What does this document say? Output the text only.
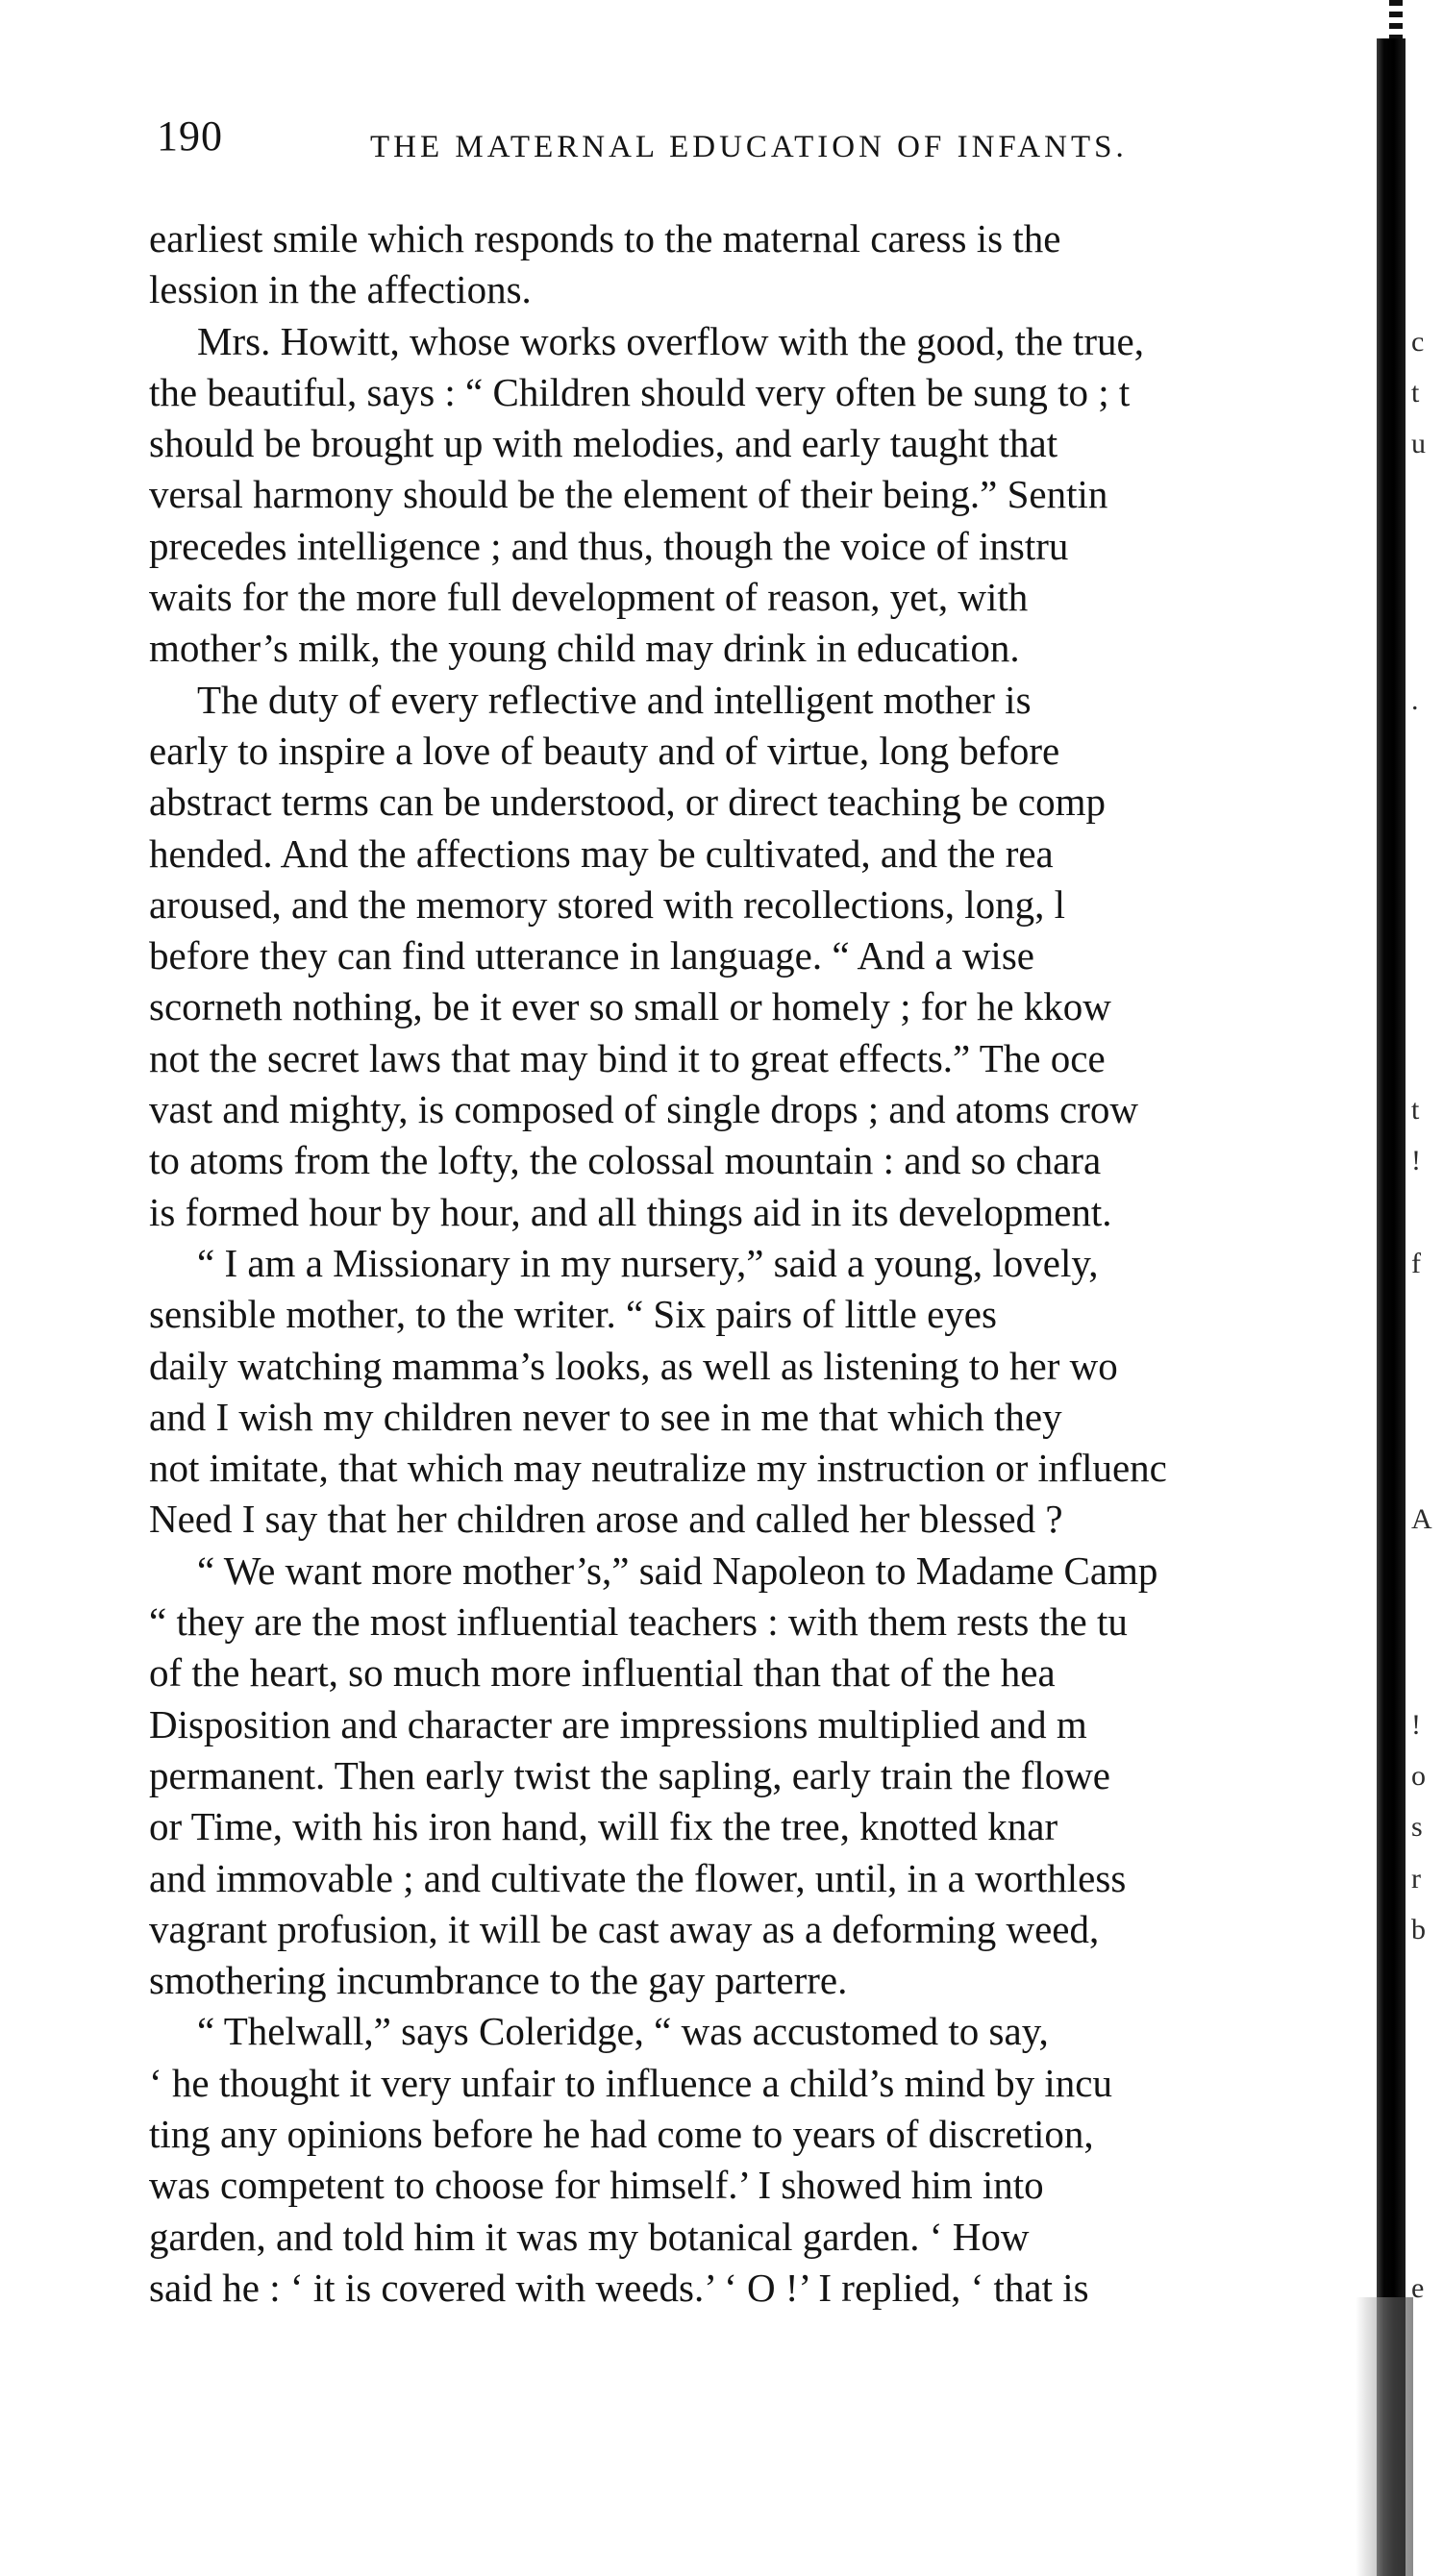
190	THE MATERNAL EDUCATION OF INFANTS.
earliest smile which responds to the maternal caress is the
lession in the affections.
Mrs. Howitt, whose works overflow with the good, the true,
the beautiful, says : “ Children should very often be sung to ; t
should be brought up with melodies, and early taught that
versal harmony should be the element of their being.” Sentin
precedes intelligence ; and thus, though the voice of instru
waits for the more full development of reason, yet, with
mother’s milk, the young child may drink in education.
The duty of every reflective and intelligent mother is
early to inspire a love of beauty and of virtue, long before
abstract terms can be understood, or direct teaching be comp
hended. And the affections may be cultivated, and the rea
aroused, and the memory stored with recollections, long, l
before they can find utterance in language. “ And a wise
scorneth nothing, be it ever so small or homely ; for he kkow
not the secret laws that may bind it to great effects.” The oce
vast and mighty, is composed of single drops ; and atoms crow
to atoms from the lofty, the colossal mountain : and so chara
is formed hour by hour, and all things aid in its development.
“ I am a Missionary in my nursery,” said a young, lovely,
sensible mother, to the writer. “ Six pairs of little eyes
daily watching mamma’s looks, as well as listening to her wo
and I wish my children never to see in me that which they
not imitate, that which may neutralize my instruction or influenc
Need I say that her children arose and called her blessed ?
“ We want more mother’s,” said Napoleon to Madame Camp
“ they are the most influential teachers : with them rests the tu
of the heart, so much more influential than that of the hea
Disposition and character are impressions multiplied and m
permanent. Then early twist the sapling, early train the flowe
or Time, with his iron hand, will fix the tree, knotted knar
and immovable ; and cultivate the flower, until, in a worthless
vagrant profusion, it will be cast away as a deforming weed,
smothering incumbrance to the gay parterre.
“ Thelwall,” says Coleridge, “ was accustomed to say,
‘ he thought it very unfair to influence a child’s mind by incu
ting any opinions before he had come to years of discretion,
was competent to choose for himself.’ I showed him into
garden, and told him it was my botanical garden. ‘ How
said he : ‘ it is covered with weeds.’ ‘ O !’ I replied, ‘ that is
c
t
u
.
t
!
f
A
!
o
s
r
b
e
